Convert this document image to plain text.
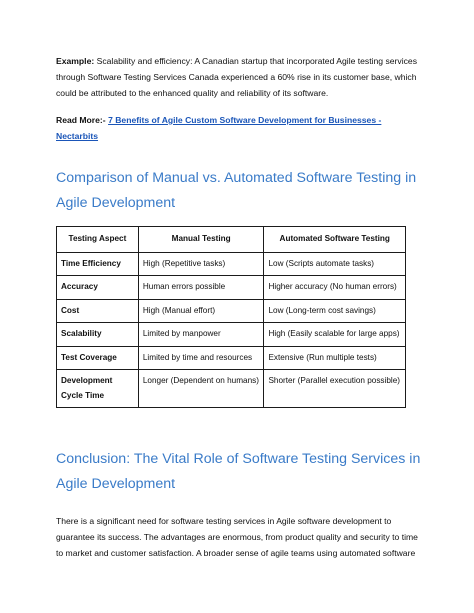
Example: Scalability and efficiency: A Canadian startup that incorporated Agile testing services through Software Testing Services Canada experienced a 60% rise in its customer base, which could be attributed to the enhanced quality and reliability of its software.

Read More:- 7 Benefits of Agile Custom Software Development for Businesses - Nectarbits

Comparison of Manual vs. Automated Software Testing in Agile Development
Testing Aspect	Manual Testing	Automated Software Testing
Time Efficiency	High (Repetitive tasks)	Low (Scripts automate tasks)
Accuracy	Human errors possible	Higher accuracy (No human errors)
Cost	High (Manual effort)	Low (Long-term cost savings)
Scalability	Limited by manpower	High (Easily scalable for large apps)
Test Coverage	Limited by time and resources	Extensive (Run multiple tests)
Development Cycle Time	Longer (Dependent on humans)	Shorter (Parallel execution possible)
Conclusion: The Vital Role of Software Testing Services in Agile Development

There is a significant need for software testing services in Agile software development to guarantee its success. The advantages are enormous, from product quality and security to time to market and customer satisfaction. A broader sense of agile teams using automated software
